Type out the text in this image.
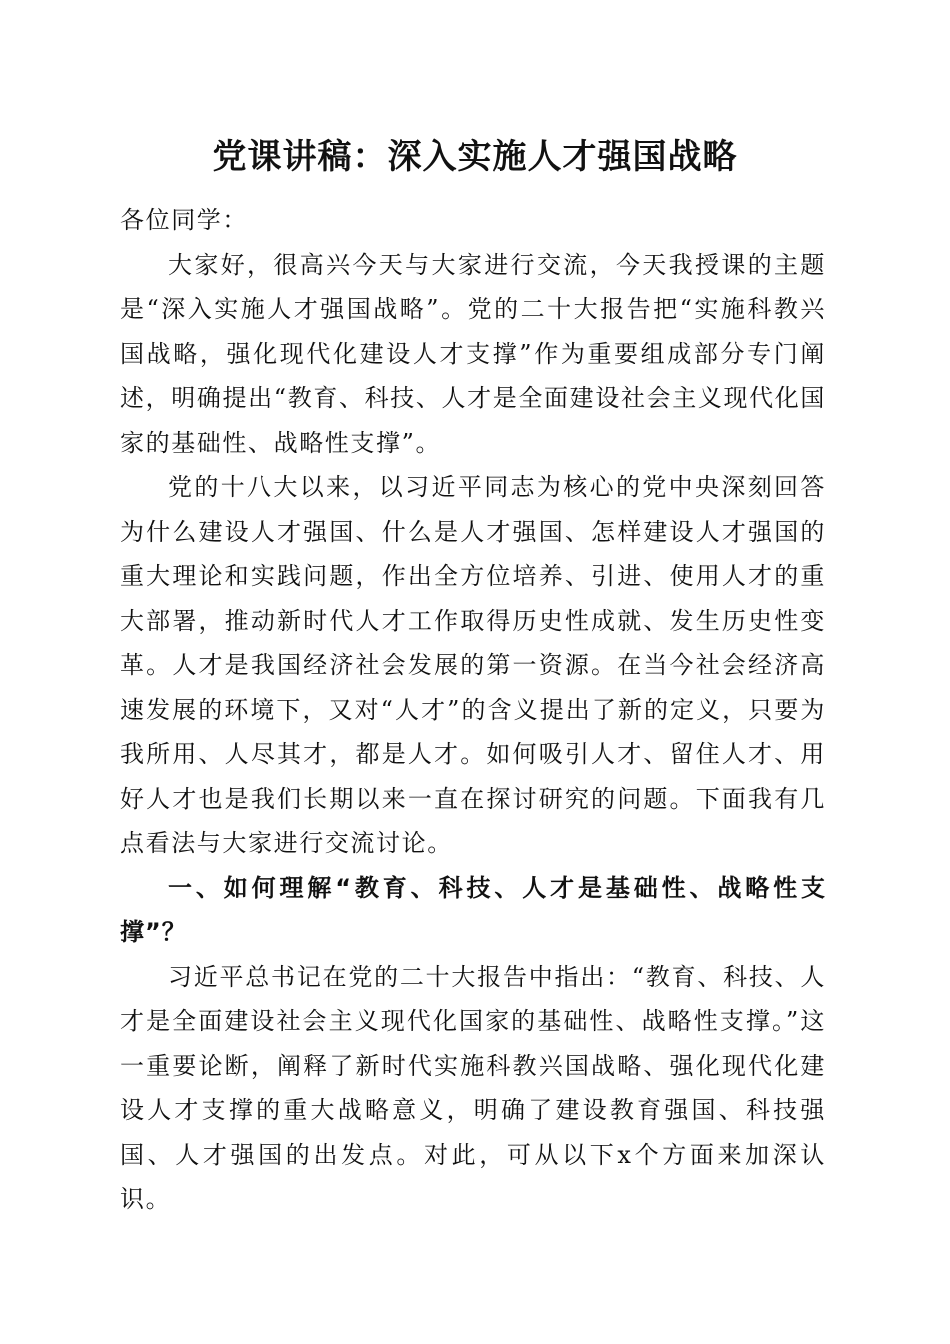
党课讲稿：深入实施人才强国战略

各位同学：

大家好，很高兴今天与大家进行交流，今天我授课的主题是“深入实施人才强国战略”。党的二十大报告把“实施科教兴国战略，强化现代化建设人才支撑”作为重要组成部分专门阐述，明确提出“教育、科技、人才是全面建设社会主义现代化国家的基础性、战略性支撑”。

党的十八大以来，以习近平同志为核心的党中央深刻回答为什么建设人才强国、什么是人才强国、怎样建设人才强国的重大理论和实践问题，作出全方位培养、引进、使用人才的重大部署，推动新时代人才工作取得历史性成就、发生历史性变革。人才是我国经济社会发展的第一资源。在当今社会经济高速发展的环境下，又对“人才”的含义提出了新的定义，只要为我所用、人尽其才，都是人才。如何吸引人才、留住人才、用好人才也是我们长期以来一直在探讨研究的问题。下面我有几点看法与大家进行交流讨论。

一、如何理解“教育、科技、人才是基础性、战略性支撑”？

习近平总书记在党的二十大报告中指出：“教育、科技、人才是全面建设社会主义现代化国家的基础性、战略性支撑。”这一重要论断，阐释了新时代实施科教兴国战略、强化现代化建设人才支撑的重大战略意义，明确了建设教育强国、科技强国、人才强国的出发点。对此，可从以下x个方面来加深认识。
